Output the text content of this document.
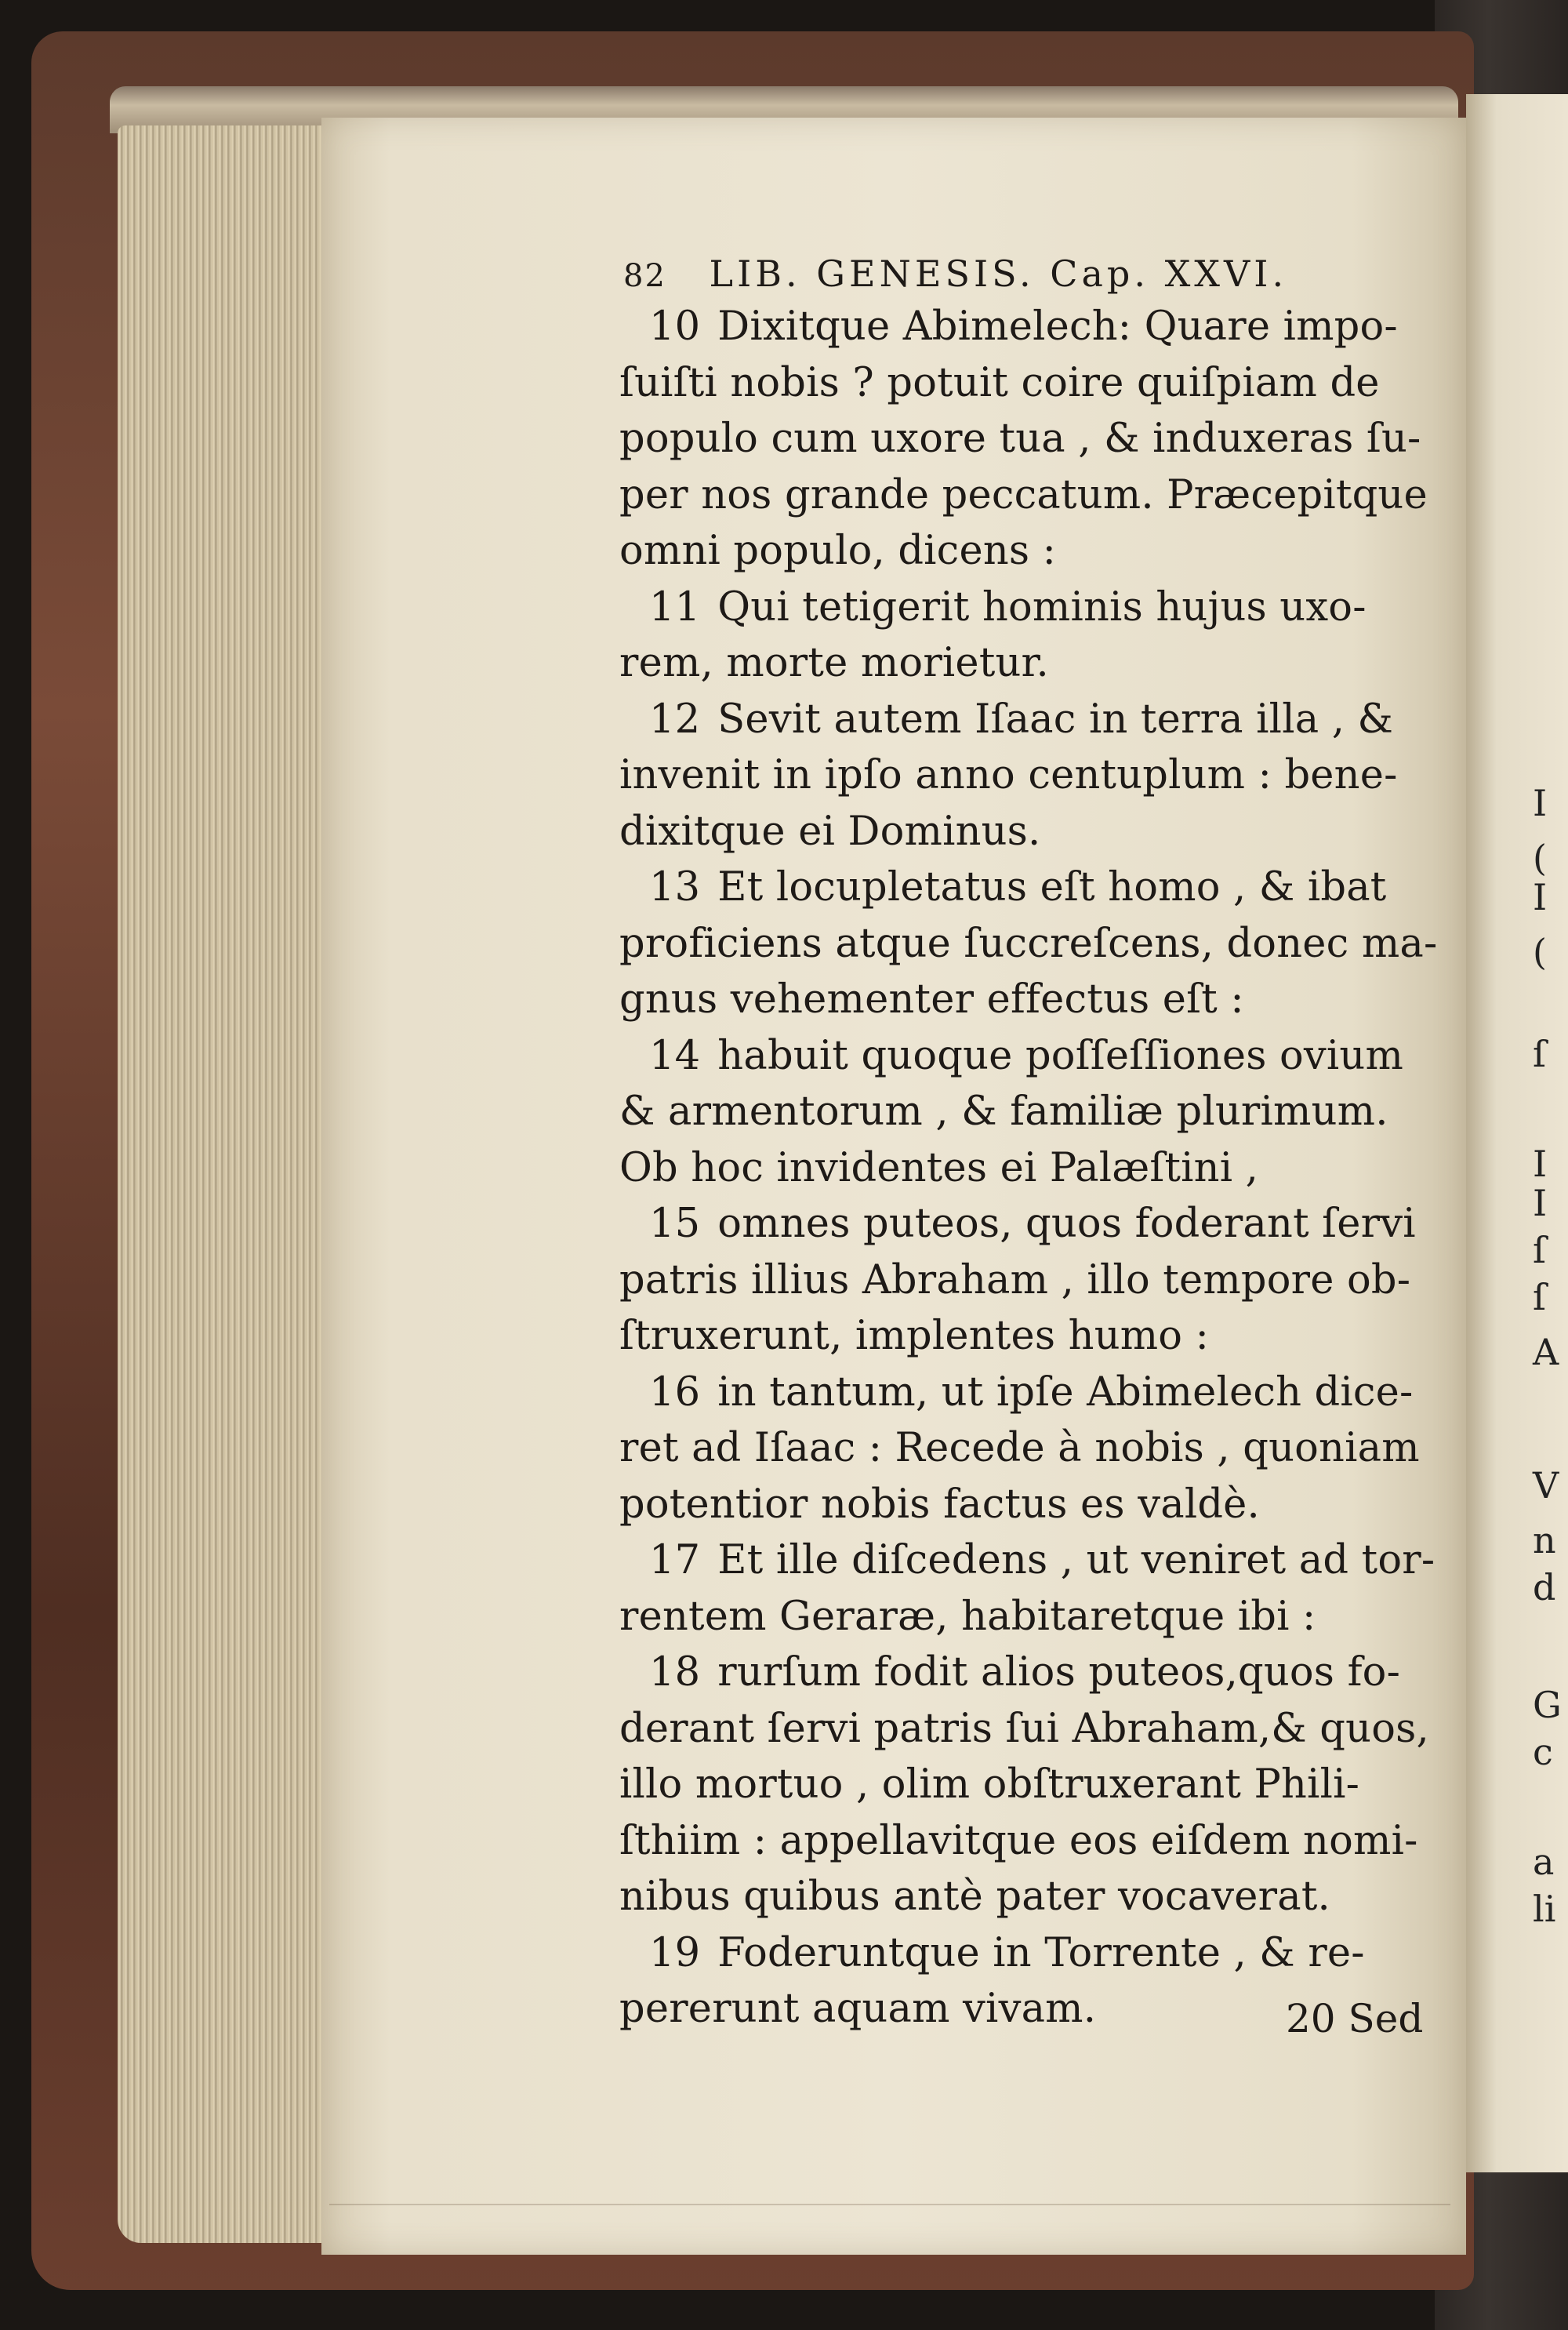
82 LIB. GENESIS. Cap. XXVI.
10 Dixitque Abimelech: Quare impo-
ſuiſti nobis ? potuit coire quiſpiam de
populo cum uxore tua , & induxeras ſu-
per nos grande peccatum. Præcepitque
omni populo, dicens :
11 Qui tetigerit hominis hujus uxo-
rem, morte morietur.
12 Sevit autem Iſaac in terra illa , &
invenit in ipſo anno centuplum : bene-
dixitque ei Dominus.
13 Et locupletatus eſt homo , & ibat
proficiens atque ſuccreſcens, donec ma-
gnus vehementer effectus eſt :
14 habuit quoque poſſeſſiones ovium
& armentorum , & familiæ plurimum.
Ob hoc invidentes ei Palæſtini ,
15 omnes puteos, quos foderant ſervi
patris illius Abraham , illo tempore ob-
ſtruxerunt, implentes humo :
16 in tantum, ut ipſe Abimelech dice-
ret ad Iſaac : Recede à nobis , quoniam
potentior nobis factus es valdè.
17 Et ille diſcedens , ut veniret ad tor-
rentem Geraræ, habitaretque ibi :
18 rurſum fodit alios puteos,quos fo-
derant ſervi patris ſui Abraham,& quos,
illo mortuo , olim obſtruxerant Phili-
ſthiim : appellavitque eos eiſdem nomi-
nibus quibus antè pater vocaverat.
19 Foderuntque in Torrente , & re-
pererunt aquam vivam.	20 Sed
I
(
I
(
ſ
I
I
ſ
ſ
A
V
n
d
G
c
a
li
